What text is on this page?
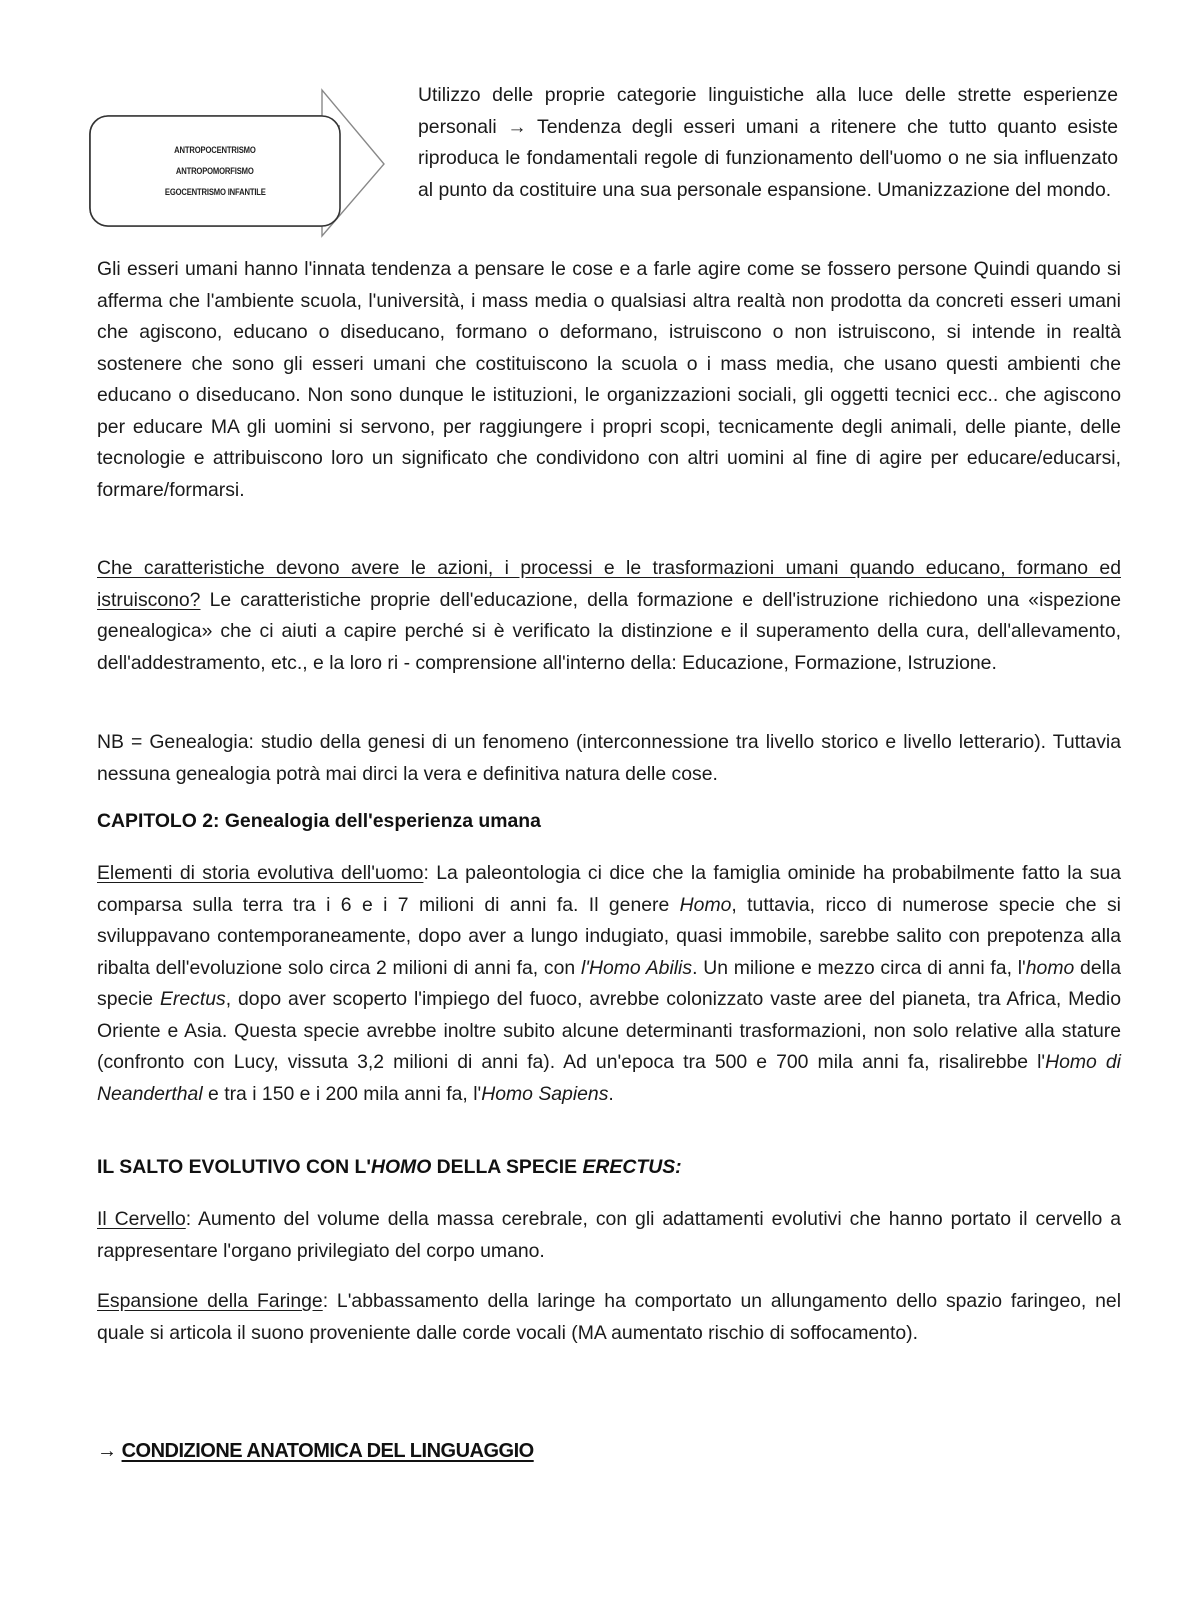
ANTROPOCENTRISMO
ANTROPOMORFISMO
EGOCENTRISMO INFANTILE

Utilizzo delle proprie categorie linguistiche alla luce delle strette esperienze personali → Tendenza degli esseri umani a ritenere che tutto quanto esiste riproduca le fondamentali regole di funzionamento dell'uomo o ne sia influenzato al punto da costituire una sua personale espansione. Umanizzazione del mondo.

Gli esseri umani hanno l'innata tendenza a pensare le cose e a farle agire come se fossero persone Quindi quando si afferma che l'ambiente scuola, l'università, i mass media o qualsiasi altra realtà non prodotta da concreti esseri umani che agiscono, educano o diseducano, formano o deformano, istruiscono o non istruiscono, si intende in realtà sostenere che sono gli esseri umani che costituiscono la scuola o i mass media, che usano questi ambienti che educano o diseducano. Non sono dunque le istituzioni, le organizzazioni sociali, gli oggetti tecnici ecc.. che agiscono per educare MA gli uomini si servono, per raggiungere i propri scopi, tecnicamente degli animali, delle piante, delle tecnologie e attribuiscono loro un significato che condividono con altri uomini al fine di agire per educare/educarsi, formare/formarsi.

Che caratteristiche devono avere le azioni, i processi e le trasformazioni umani quando educano, formano ed istruiscono? Le caratteristiche proprie dell'educazione, della formazione e dell'istruzione richiedono una «ispezione genealogica» che ci aiuti a capire perché si è verificato la distinzione e il superamento della cura, dell'allevamento, dell'addestramento, etc., e la loro ri - comprensione all'interno della: Educazione, Formazione, Istruzione.

NB = Genealogia: studio della genesi di un fenomeno (interconnessione tra livello storico e livello letterario). Tuttavia nessuna genealogia potrà mai dirci la vera e definitiva natura delle cose.

CAPITOLO 2: Genealogia dell'esperienza umana

Elementi di storia evolutiva dell'uomo: La paleontologia ci dice che la famiglia ominide ha probabilmente fatto la sua comparsa sulla terra tra i 6 e i 7 milioni di anni fa. Il genere Homo, tuttavia, ricco di numerose specie che si sviluppavano contemporaneamente, dopo aver a lungo indugiato, quasi immobile, sarebbe salito con prepotenza alla ribalta dell'evoluzione solo circa 2 milioni di anni fa, con l'Homo Abilis. Un milione e mezzo circa di anni fa, l'homo della specie Erectus, dopo aver scoperto l'impiego del fuoco, avrebbe colonizzato vaste aree del pianeta, tra Africa, Medio Oriente e Asia. Questa specie avrebbe inoltre subito alcune determinanti trasformazioni, non solo relative alla stature (confronto con Lucy, vissuta 3,2 milioni di anni fa). Ad un'epoca tra 500 e 700 mila anni fa, risalirebbe l'Homo di Neanderthal e tra i 150 e i 200 mila anni fa, l'Homo Sapiens.

IL SALTO EVOLUTIVO CON L'HOMO DELLA SPECIE ERECTUS:

Il Cervello: Aumento del volume della massa cerebrale, con gli adattamenti evolutivi che hanno portato il cervello a rappresentare l'organo privilegiato del corpo umano.

Espansione della Faringe: L'abbassamento della laringe ha comportato un allungamento dello spazio faringeo, nel quale si articola il suono proveniente dalle corde vocali (MA aumentato rischio di soffocamento).

→ CONDIZIONE ANATOMICA DEL LINGUAGGIO
